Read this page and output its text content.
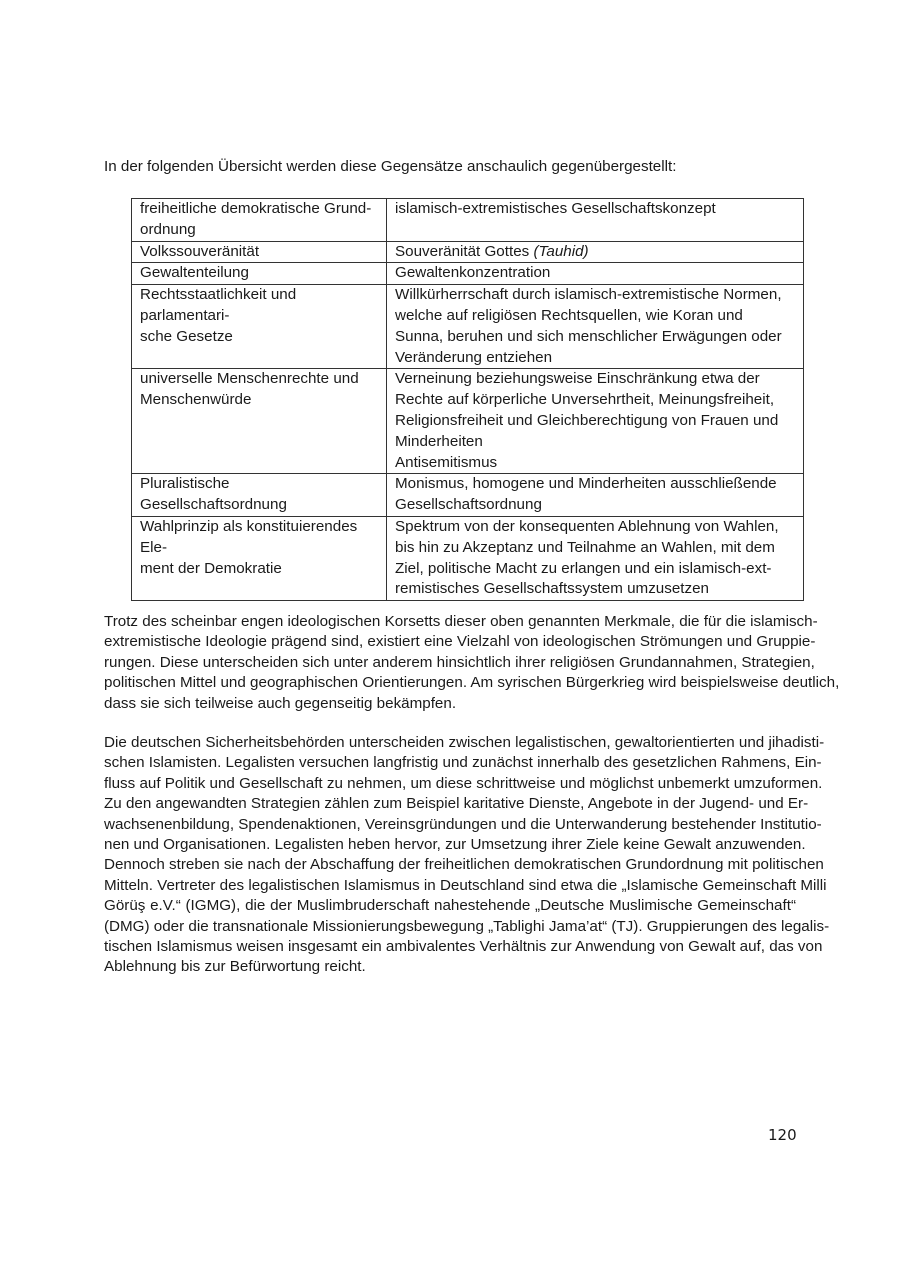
In der folgenden Übersicht werden diese Gegensätze anschaulich gegenübergestellt:

freiheitliche demokratische Grund-
ordnung	islamisch-extremistisches Gesellschaftskonzept

Volkssouveränität	Souveränität Gottes (Tauhid)

Gewaltenteilung	Gewaltenkonzentration

Rechtsstaatlichkeit und parlamentari-
sche Gesetze	Willkürherrschaft durch islamisch-extremistische Normen,
welche auf religiösen Rechtsquellen, wie Koran und
Sunna, beruhen und sich menschlicher Erwägungen oder
Veränderung entziehen

universelle Menschenrechte und
Menschenwürde	Verneinung beziehungsweise Einschränkung etwa der
Rechte auf körperliche Unversehrtheit, Meinungsfreiheit,
Religionsfreiheit und Gleichberechtigung von Frauen und
Minderheiten
Antisemitismus

Pluralistische Gesellschaftsordnung	Monismus, homogene und Minderheiten ausschließende
Gesellschaftsordnung

Wahlprinzip als konstituierendes Ele-
ment der Demokratie	Spektrum von der konsequenten Ablehnung von Wahlen,
bis hin zu Akzeptanz und Teilnahme an Wahlen, mit dem
Ziel, politische Macht zu erlangen und ein islamisch-ext-
remistisches Gesellschaftssystem umzusetzen

Trotz des scheinbar engen ideologischen Korsetts dieser oben genannten Merkmale, die für die islamisch-
extremistische Ideologie prägend sind, existiert eine Vielzahl von ideologischen Strömungen und Gruppie-
rungen. Diese unterscheiden sich unter anderem hinsichtlich ihrer religiösen Grundannahmen, Strategien,
politischen Mittel und geographischen Orientierungen. Am syrischen Bürgerkrieg wird beispielsweise deutlich,
dass sie sich teilweise auch gegenseitig bekämpfen.

Die deutschen Sicherheitsbehörden unterscheiden zwischen legalistischen, gewaltorientierten und jihadisti-
schen Islamisten. Legalisten versuchen langfristig und zunächst innerhalb des gesetzlichen Rahmens, Ein-
fluss auf Politik und Gesellschaft zu nehmen, um diese schrittweise und möglichst unbemerkt umzuformen.
Zu den angewandten Strategien zählen zum Beispiel karitative Dienste, Angebote in der Jugend- und Er-
wachsenenbildung, Spendenaktionen, Vereinsgründungen und die Unterwanderung bestehender Institutio-
nen und Organisationen. Legalisten heben hervor, zur Umsetzung ihrer Ziele keine Gewalt anzuwenden.
Dennoch streben sie nach der Abschaffung der freiheitlichen demokratischen Grundordnung mit politischen
Mitteln. Vertreter des legalistischen Islamismus in Deutschland sind etwa die „Islamische Gemeinschaft Milli
Görüş e.V.“ (IGMG), die der Muslimbruderschaft nahestehende „Deutsche Muslimische Gemeinschaft“
(DMG) oder die transnationale Missionierungsbewegung „Tablighi Jama’at“ (TJ). Gruppierungen des legalis-
tischen Islamismus weisen insgesamt ein ambivalentes Verhältnis zur Anwendung von Gewalt auf, das von
Ablehnung bis zur Befürwortung reicht.

120
